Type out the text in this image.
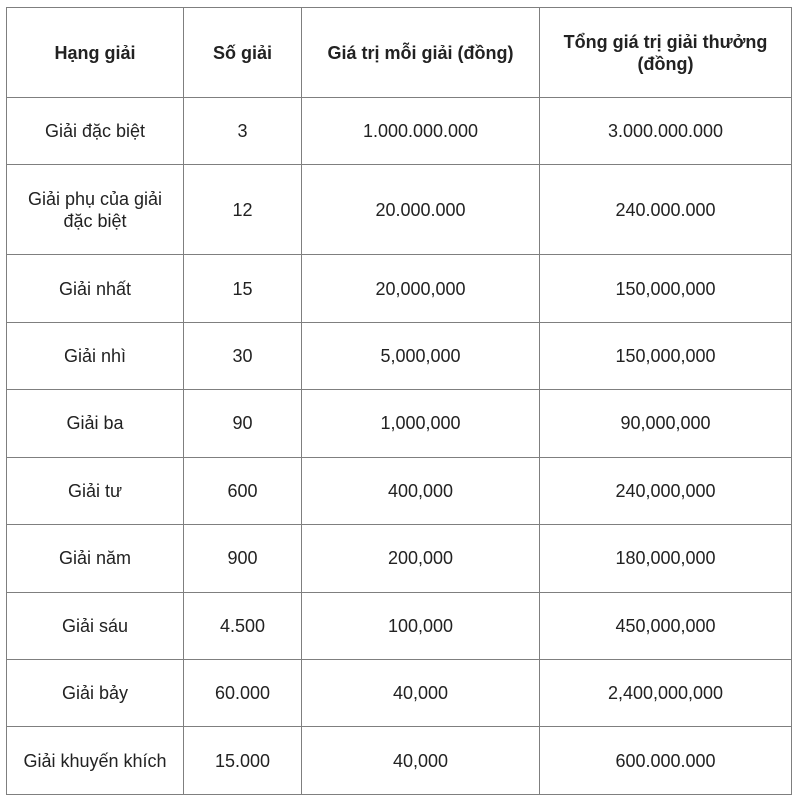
Hạng giải	Số giải	Giá trị mỗi giải (đồng)	Tổng giá trị giải thưởng (đồng)
Giải đặc biệt	3	1.000.000.000	3.000.000.000
Giải phụ của giải đặc biệt	12	20.000.000	240.000.000
Giải nhất	15	20,000,000	150,000,000
Giải nhì	30	5,000,000	150,000,000
Giải ba	90	1,000,000	90,000,000
Giải tư	600	400,000	240,000,000
Giải năm	900	200,000	180,000,000
Giải sáu	4.500	100,000	450,000,000
Giải bảy	60.000	40,000	2,400,000,000
Giải khuyến khích	15.000	40,000	600.000.000
